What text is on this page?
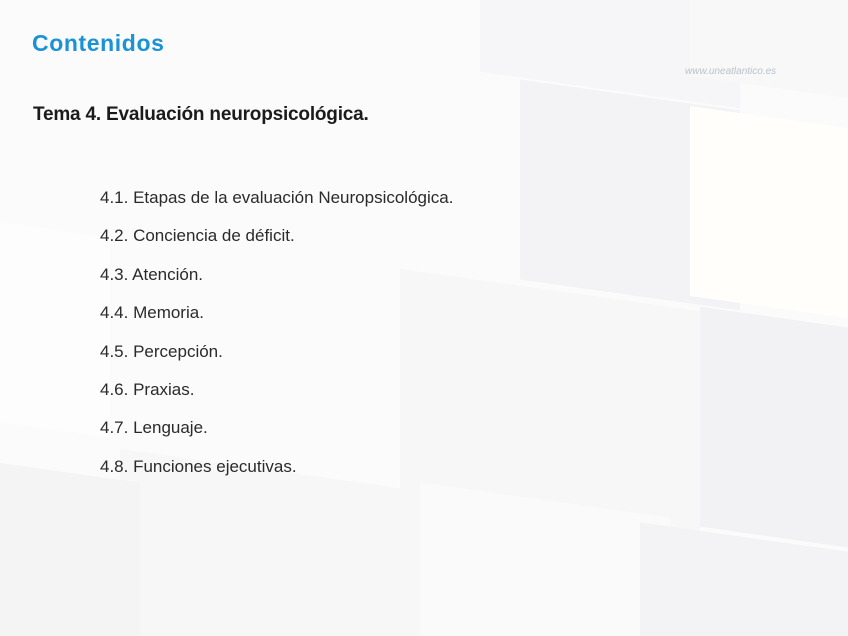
Contenidos
www.uneatlantico.es
Tema 4. Evaluación neuropsicológica.
4.1. Etapas de la evaluación Neuropsicológica.
4.2. Conciencia de déficit.
4.3. Atención.
4.4. Memoria.
4.5. Percepción.
4.6. Praxias.
4.7. Lenguaje.
4.8. Funciones ejecutivas.
